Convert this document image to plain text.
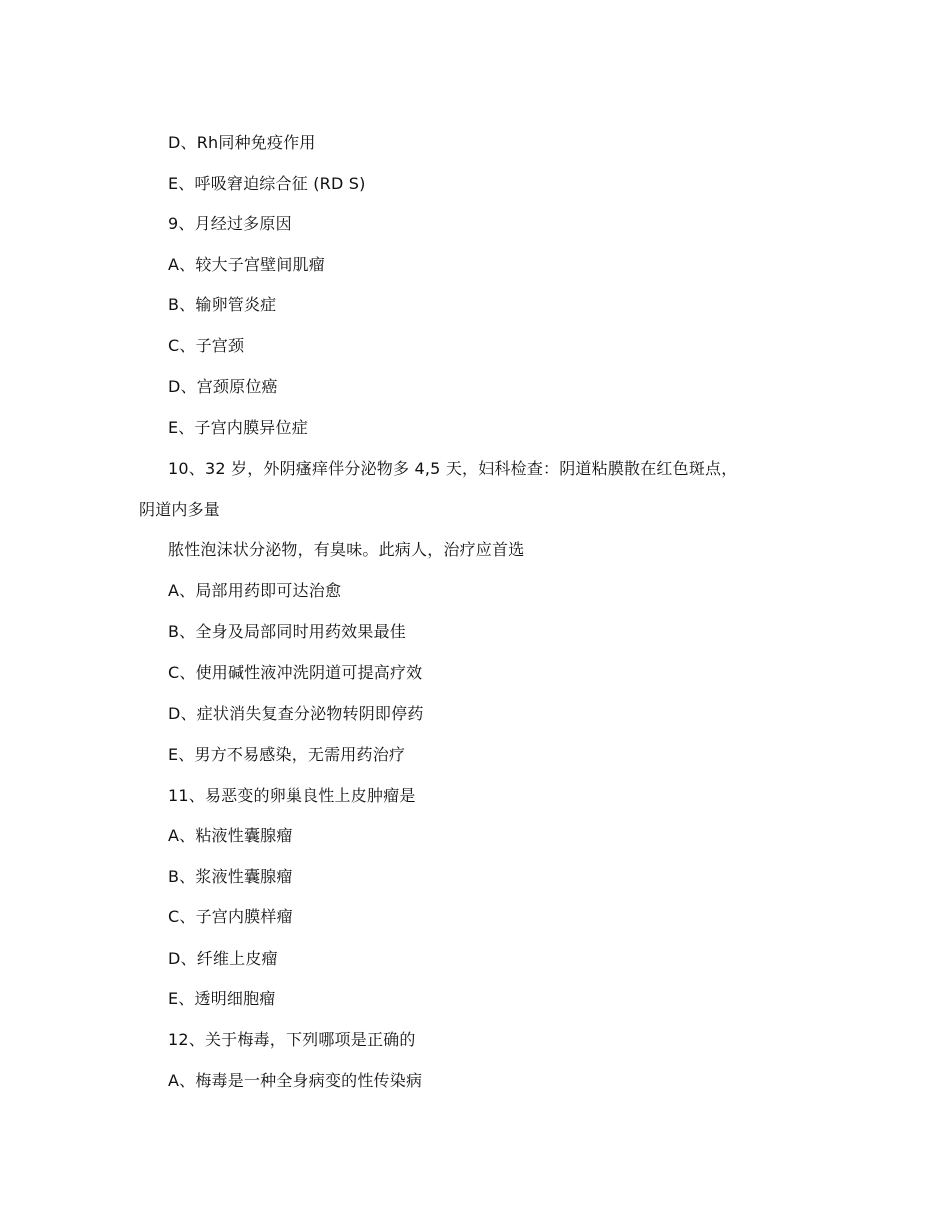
D、Rh同种免疫作用
E、呼吸窘迫综合征 (RD S)
9、月经过多原因
A、较大子宫壁间肌瘤
B、输卵管炎症
C、子宫颈
D、宫颈原位癌
E、子宫内膜异位症
10、32 岁，外阴瘙痒伴分泌物多 4,5 天，妇科检查：阴道粘膜散在红色斑点，
阴道内多量
脓性泡沫状分泌物，有臭味。此病人，治疗应首选
A、局部用药即可达治愈
B、全身及局部同时用药效果最佳
C、使用碱性液冲洗阴道可提高疗效
D、症状消失复查分泌物转阴即停药
E、男方不易感染，无需用药治疗
11、易恶变的卵巢良性上皮肿瘤是
A、粘液性囊腺瘤
B、浆液性囊腺瘤
C、子宫内膜样瘤
D、纤维上皮瘤
E、透明细胞瘤
12、关于梅毒，下列哪项是正确的
A、梅毒是一种全身病变的性传染病
